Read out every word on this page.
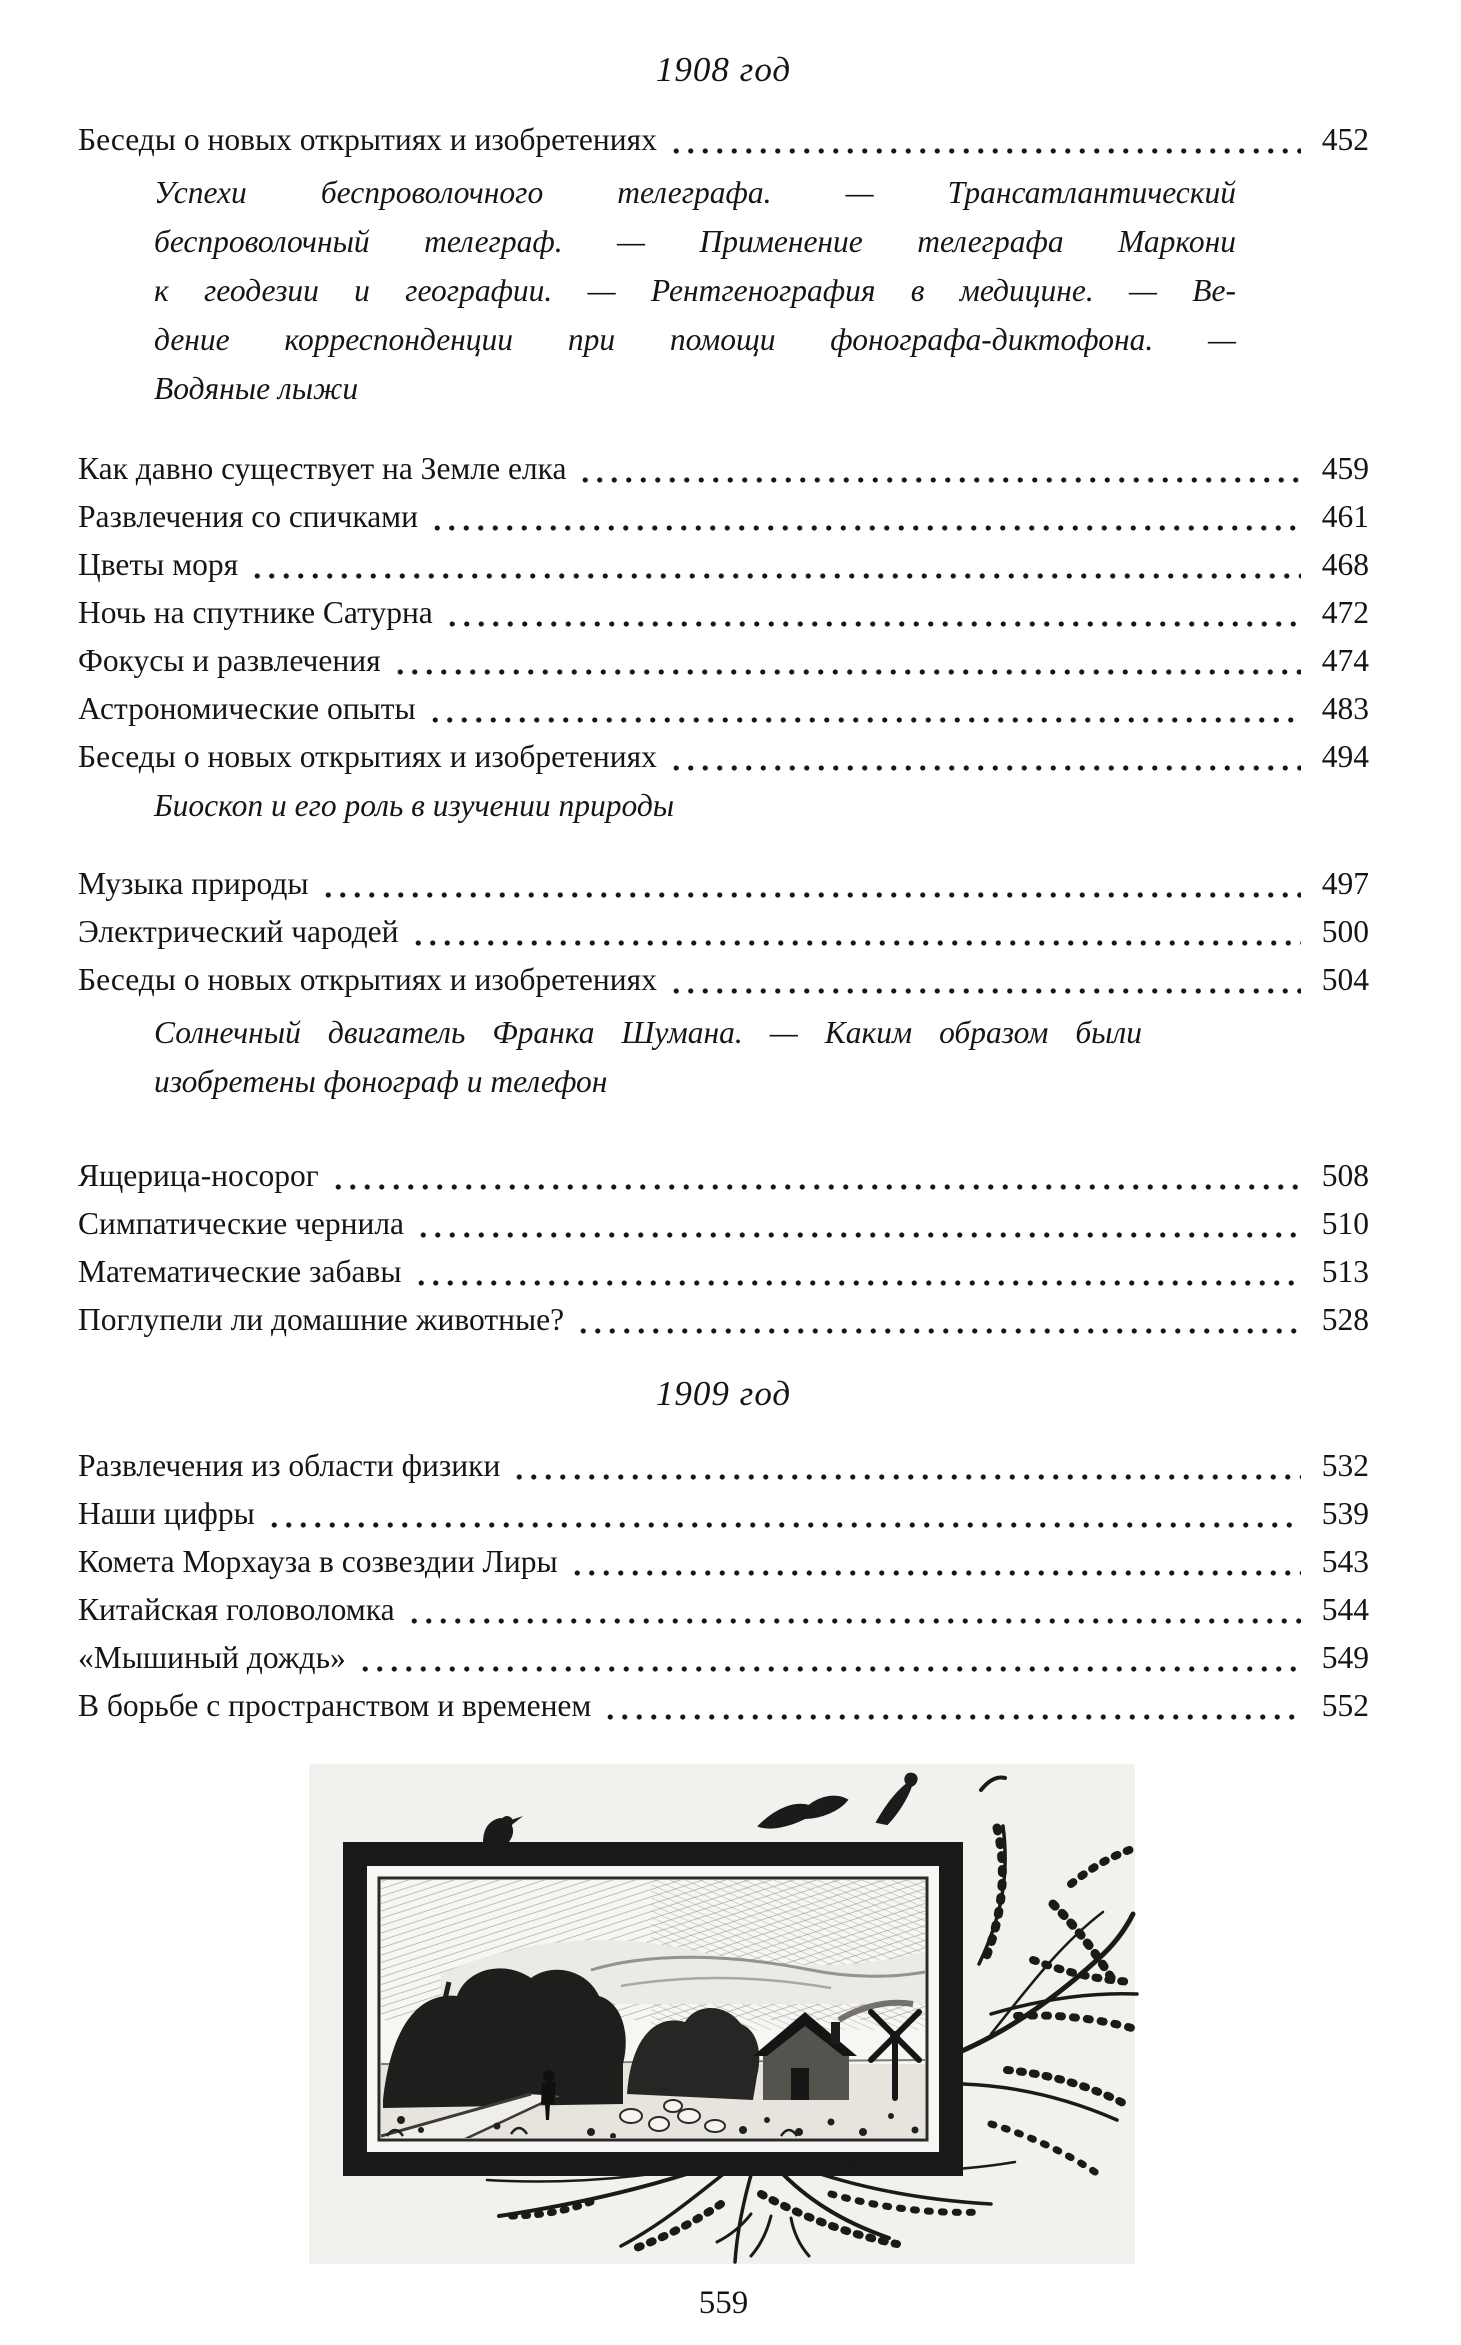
1908 год
Беседы о новых открытиях и изобретениях	452
Успехи беспроволочного телеграфа. — Трансатлантический
беспроволочный телеграф. — Применение телеграфа Маркони
к геодезии и географии. — Рентгенография в медицине. — Ве-
дение корреспонденции при помощи фонографа-диктофона. —
Водяные лыжи
Как давно существует на Земле елка	459
Развлечения со спичками	461
Цветы моря	468
Ночь на спутнике Сатурна	472
Фокусы и развлечения	474
Астрономические опыты	483
Беседы о новых открытиях и изобретениях	494
Биоскоп и его роль в изучении природы
Музыка природы	497
Электрический чародей	500
Беседы о новых открытиях и изобретениях	504
Солнечный двигатель Франка Шумана. — Каким образом были
изобретены фонограф и телефон
Ящерица-носорог	508
Симпатические чернила	510
Математические забавы	513
Поглупели ли домашние животные?	528
1909 год
Развлечения из области физики	532
Наши цифры	539
Комета Морхауза в созвездии Лиры	543
Китайская головоломка	544
«Мышиный дождь»	549
В борьбе с пространством и временем	552
559
